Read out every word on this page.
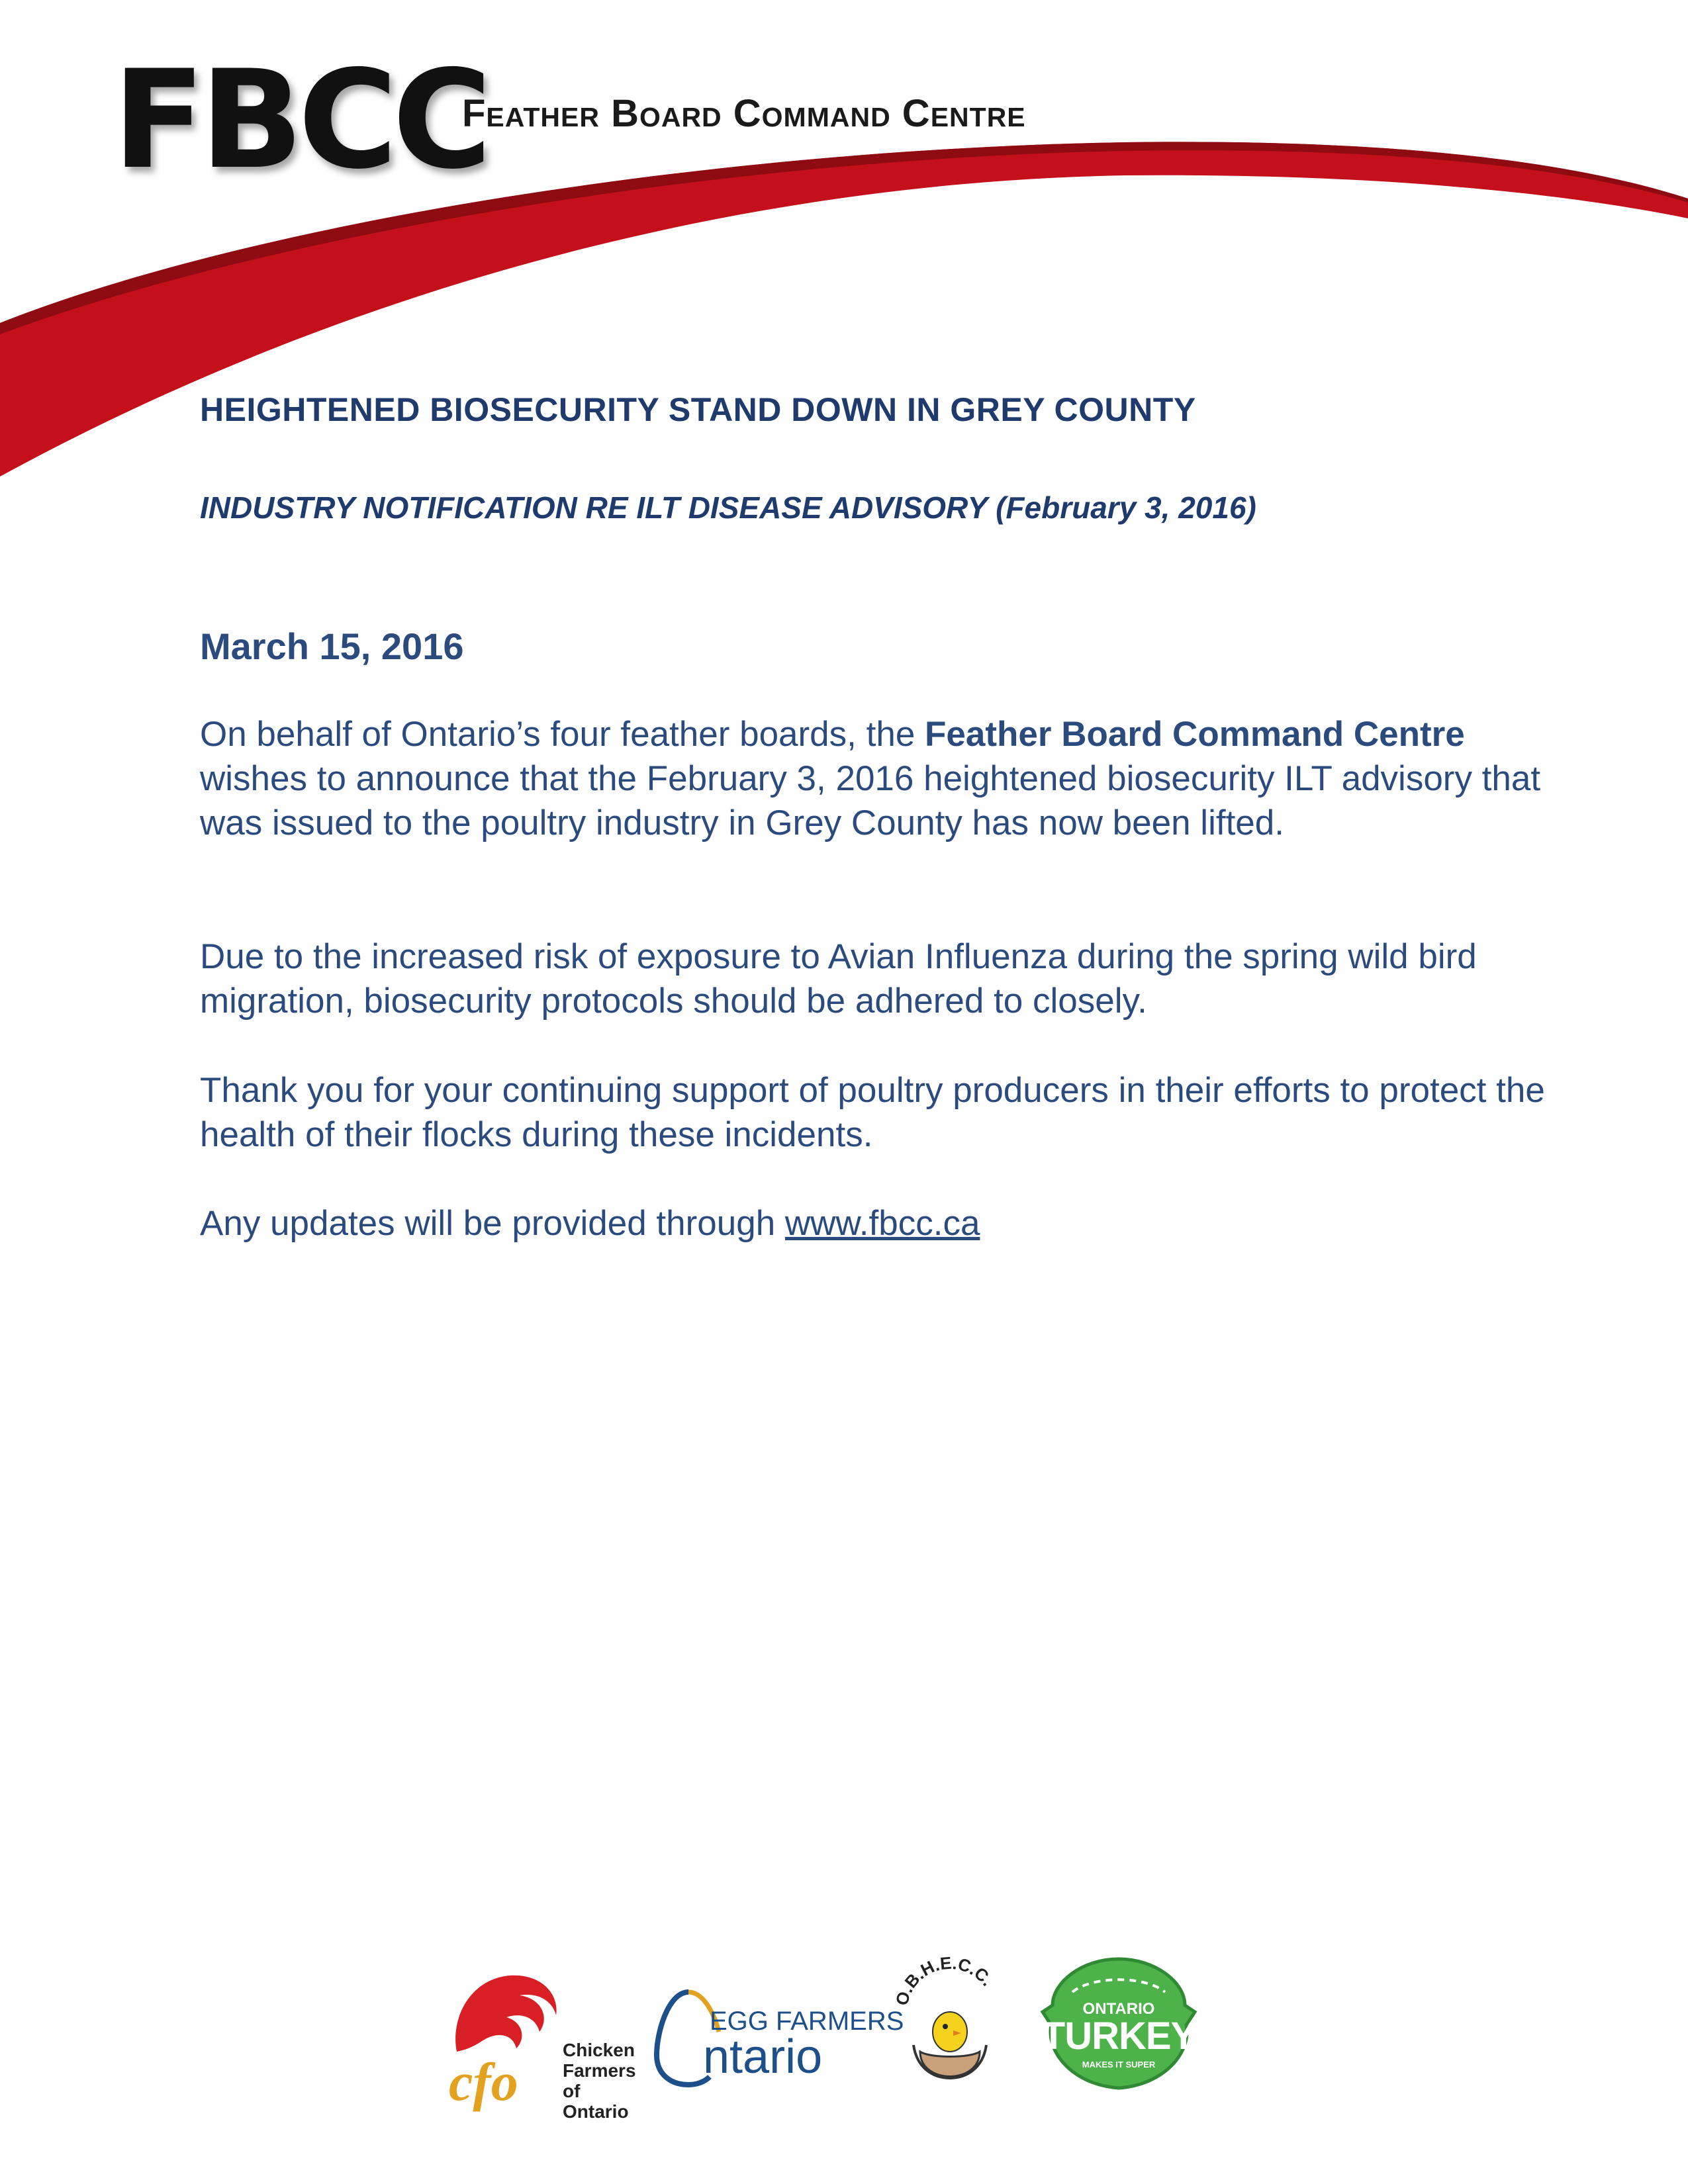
FBCC
Feather Board Command Centre
HEIGHTENED BIOSECURITY STAND DOWN IN GREY COUNTY
INDUSTRY NOTIFICATION RE ILT DISEASE ADVISORY (February 3, 2016)
March 15, 2016

On behalf of Ontario’s four feather boards, the Feather Board Command Centre wishes to announce that the February 3, 2016 heightened biosecurity ILT advisory that was issued to the poultry industry in Grey County has now been lifted.

Due to the increased risk of exposure to Avian Influenza during the spring wild bird migration, biosecurity protocols should be adhered to closely.

Thank you for your continuing support of poultry producers in their efforts to protect the health of their flocks during these incidents.

Any updates will be provided through www.fbcc.ca

cfo
Chicken
Farmers
of Ontario
EGG FARMERS
ntario
O.B.H.E.C.C.
ONTARIO
TURKEY
MAKES IT SUPER
